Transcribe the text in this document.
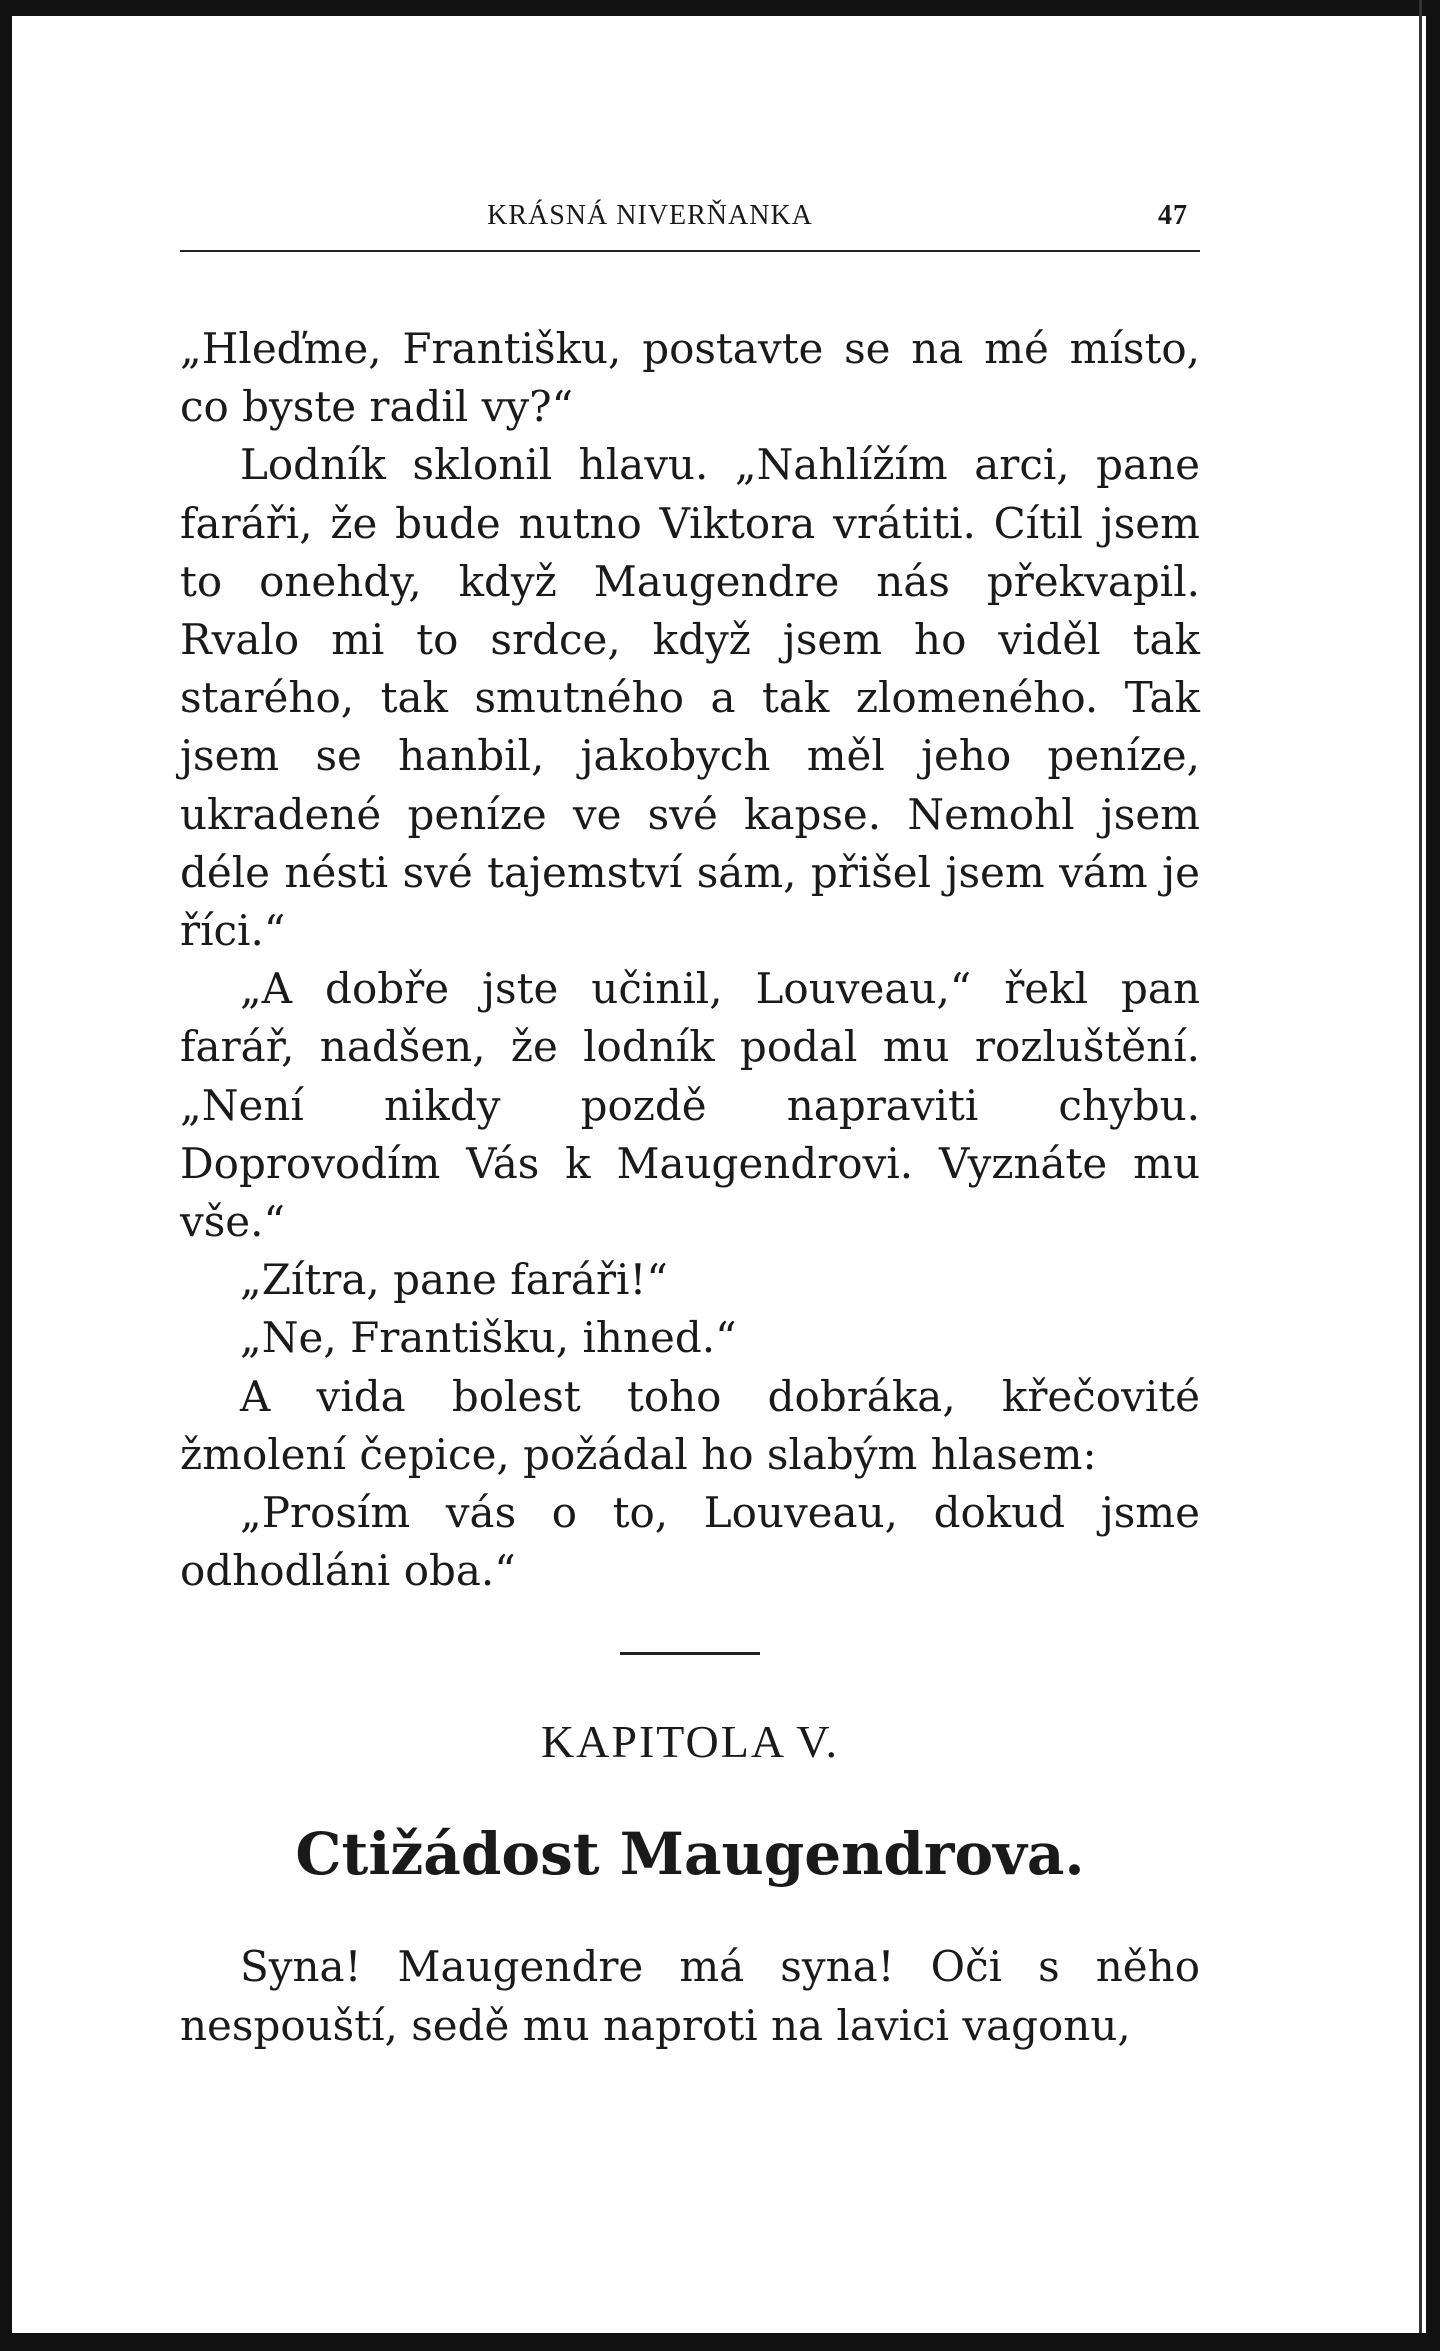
KRÁSNÁ NIVERŇANKA	47

„Hleďme, Františku, postavte se na mé místo, co byste radil vy?“

Lodník sklonil hlavu. „Nahlížím arci, pane faráři, že bude nutno Viktora vrátiti. Cítil jsem to onehdy, když Maugendre nás překvapil. Rvalo mi to srdce, když jsem ho viděl tak starého, tak smutného a tak zlomeného. Tak jsem se hanbil, jakobych měl jeho peníze, ukradené peníze ve své kapse. Nemohl jsem déle nésti své tajemství sám, přišel jsem vám je říci.“

„A dobře jste učinil, Louveau,“ řekl pan farář, nadšen, že lodník podal mu rozluštění. „Není nikdy pozdě napraviti chybu. Doprovodím Vás k Maugendrovi. Vyznáte mu vše.“

„Zítra, pane faráři!“

„Ne, Františku, ihned.“

A vida bolest toho dobráka, křečovité žmolení čepice, požádal ho slabým hlasem:

„Prosím vás o to, Louveau, dokud jsme odhodláni oba.“

KAPITOLA V.
Ctižádost Maugendrova.

Syna! Maugendre má syna! Oči s něho nespouští, sedě mu naproti na lavici vagonu,
